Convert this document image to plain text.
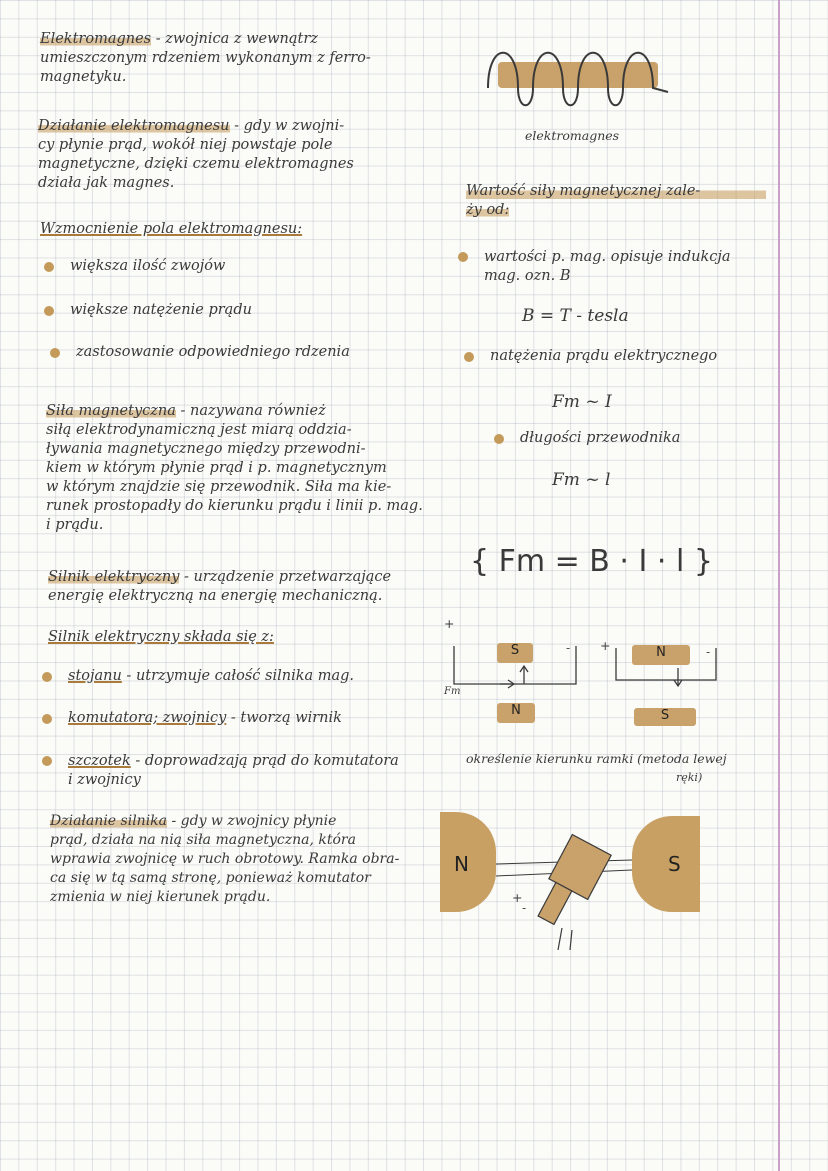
Elektromagnes - zwojnica z wewnątrz
umieszczonym rdzeniem wykonanym z ferro-
magnetyku.
Działanie elektromagnesu - gdy w zwojni-
cy płynie prąd, wokół niej powstaje pole
magnetyczne, dzięki czemu elektromagnes
działa jak magnes.
Wzmocnienie pola elektromagnesu:
większa ilość zwojów
większe natężenie prądu
zastosowanie odpowiedniego rdzenia
Siła magnetyczna - nazywana również
siłą elektrodynamiczną jest miarą oddzia-
ływania magnetycznego między przewodni-
kiem w którym płynie prąd i p. magnetycznym
w którym znajdzie się przewodnik. Siła ma kie-
runek prostopadły do kierunku prądu i linii p. mag.
i prądu.
Silnik elektryczny - urządzenie przetwarzające
energię elektryczną na energię mechaniczną.
Silnik elektryczny składa się z:
stojanu - utrzymuje całość silnika mag.
komutatora; zwojnicy - tworzą wirnik
szczotek - doprowadzają prąd do komutatora
i zwojnicy
Działanie silnika - gdy w zwojnicy płynie
prąd, działa na nią siła magnetyczna, która
wprawia zwojnicę w ruch obrotowy. Ramka obra-
ca się w tą samą stronę, ponieważ komutator
zmienia w niej kierunek prądu.
elektromagnes
Wartość siły magnetycznej zale-
ży od:
wartości p. mag. opisuje indukcja
mag. ozn. B
B = T - tesla
natężenia prądu elektrycznego
Fm ~ I
długości przewodnika
Fm ~ l
{ Fm = B · I · l }
S
N
N
S
+
- +	-
Fm
określenie kierunku ramki (metoda lewej
ręki)
N	S
+
-
